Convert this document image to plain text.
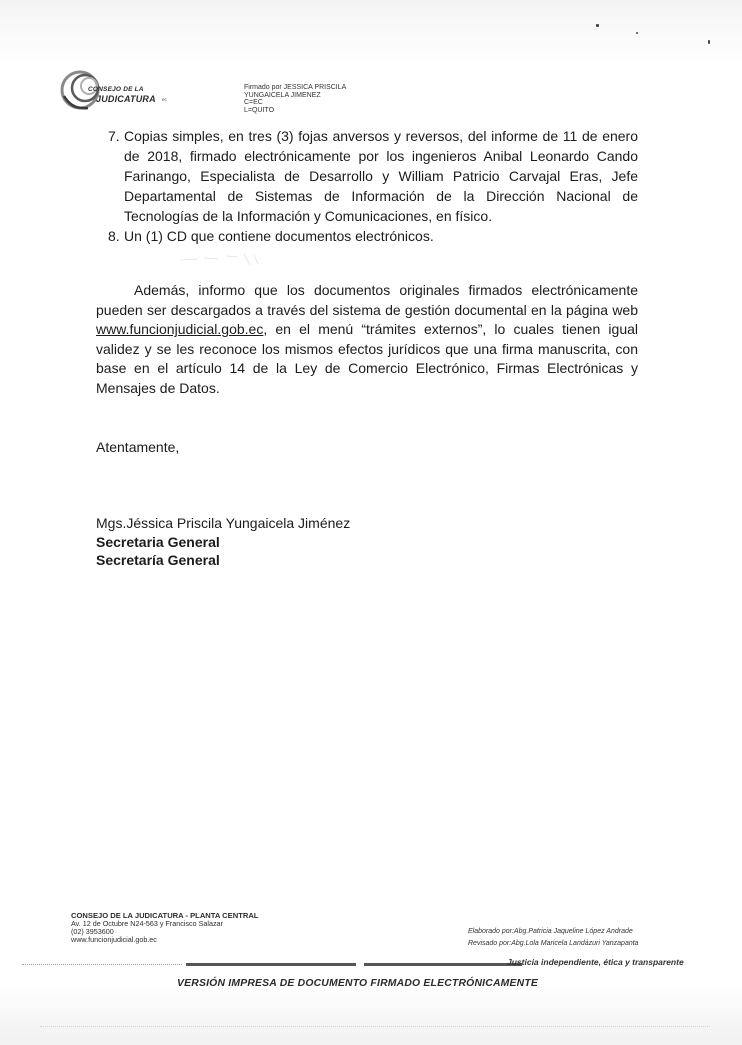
CONSEJO DE LA
JUDICATURA ec
Firmado por JESSICA PRISCILA
YUNGAICELA JIMENEZ
C=EC
L=QUITO
7. Copias simples, en tres (3) fojas anversos y reversos, del informe de 11 de enero de 2018, firmado electrónicamente por los ingenieros Anibal Leonardo Cando Farinango, Especialista de Desarrollo y William Patricio Carvajal Eras, Jefe Departamental de Sistemas de Información de la Dirección Nacional de Tecnologías de la Información y Comunicaciones, en físico.
8. Un (1) CD que contiene documentos electrónicos.

Además, informo que los documentos originales firmados electrónicamente pueden ser descargados a través del sistema de gestión documental en la página web www.funcionjudicial.gob.ec, en el menú “trámites externos”, lo cuales tienen igual validez y se les reconoce los mismos efectos jurídicos que una firma manuscrita, con base en el artículo 14 de la Ley de Comercio Electrónico, Firmas Electrónicas y Mensajes de Datos.

Atentamente,

Mgs.Jéssica Priscila Yungaicela Jiménez
Secretaria General
Secretaría General
CONSEJO DE LA JUDICATURA - PLANTA CENTRAL
Av. 12 de Octubre N24-563 y Francisco Salazar
(02) 3953600
www.funcionjudicial.gob.ec
Elaborado por:Abg.Patricia Jaqueline López Andrade
Revisado por:Abg.Lola Maricela Landázuri Yanzapanta
Justicia independiente, ética y transparente
VERSIÓN IMPRESA DE DOCUMENTO FIRMADO ELECTRÓNICAMENTE
